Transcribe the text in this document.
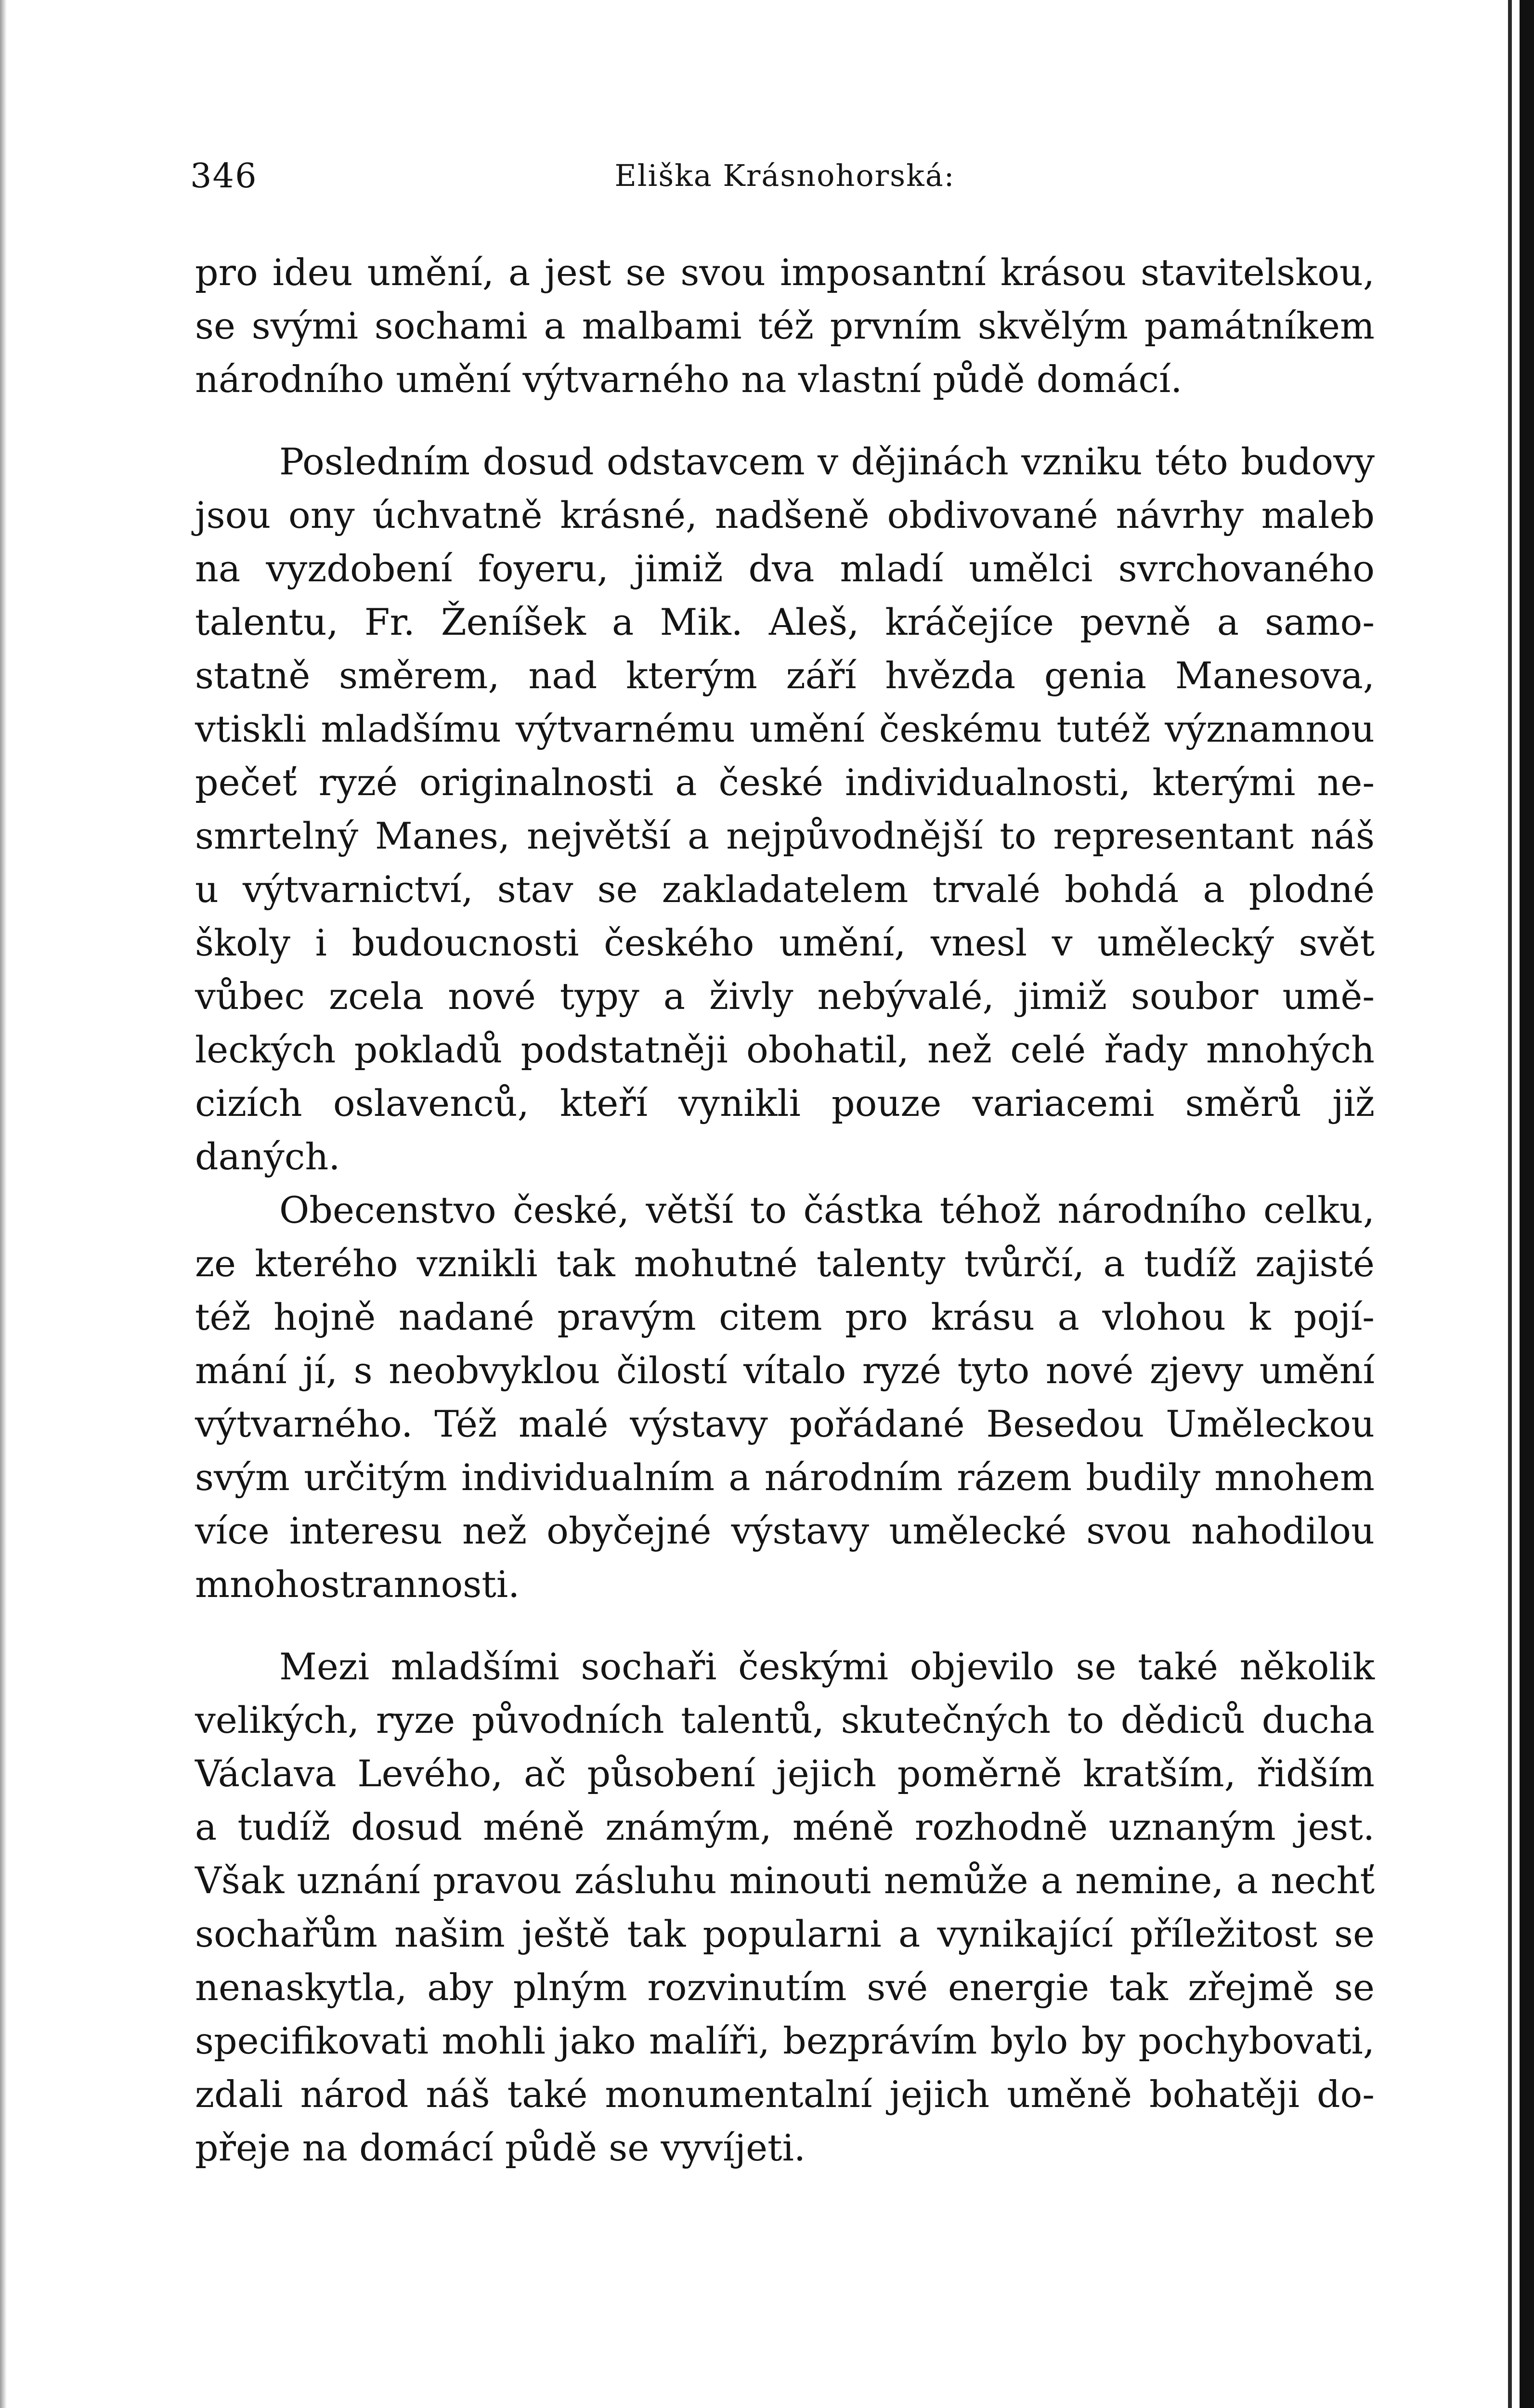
346	Eliška Krásnohorská:
pro ideu umění, a jest se svou imposantní krásou stavitelskou,
se svými sochami a malbami též prvním skvělým památníkem
národního umění výtvarného na vlastní půdě domácí.
Posledním dosud odstavcem v dějinách vzniku této budovy
jsou ony úchvatně krásné, nadšeně obdivované návrhy maleb
na vyzdobení foyeru, jimiž dva mladí umělci svrchovaného
talentu, Fr. Ženíšek a Mik. Aleš, kráčejíce pevně a samo-
statně směrem, nad kterým září hvězda genia Manesova,
vtiskli mladšímu výtvarnému umění českému tutéž významnou
pečeť ryzé originalnosti a české individualnosti, kterými ne-
smrtelný Manes, největší a nejpůvodnější to representant náš
u výtvarnictví, stav se zakladatelem trvalé bohdá a plodné
školy i budoucnosti českého umění, vnesl v umělecký svět
vůbec zcela nové typy a živly nebývalé, jimiž soubor umě-
leckých pokladů podstatněji obohatil, než celé řady mnohých
cizích oslavenců, kteří vynikli pouze variacemi směrů již
daných.
Obecenstvo české, větší to částka téhož národního celku,
ze kterého vznikli tak mohutné talenty tvůrčí, a tudíž zajisté
též hojně nadané pravým citem pro krásu a vlohou k pojí-
mání jí, s neobvyklou čilostí vítalo ryzé tyto nové zjevy umění
výtvarného. Též malé výstavy pořádané Besedou Uměleckou
svým určitým individualním a národním rázem budily mnohem
více interesu než obyčejné výstavy umělecké svou nahodilou
mnohostrannosti.
Mezi mladšími sochaři českými objevilo se také několik
velikých, ryze původních talentů, skutečných to dědiců ducha
Václava Levého, ač působení jejich poměrně kratším, řidším
a tudíž dosud méně známým, méně rozhodně uznaným jest.
Však uznání pravou zásluhu minouti nemůže a nemine, a nechť
sochařům našim ještě tak popularni a vynikající příležitost se
nenaskytla, aby plným rozvinutím své energie tak zřejmě se
specifikovati mohli jako malíři, bezprávím bylo by pochybovati,
zdali národ náš také monumentalní jejich uměně bohatěji do-
přeje na domácí půdě se vyvíjeti.
